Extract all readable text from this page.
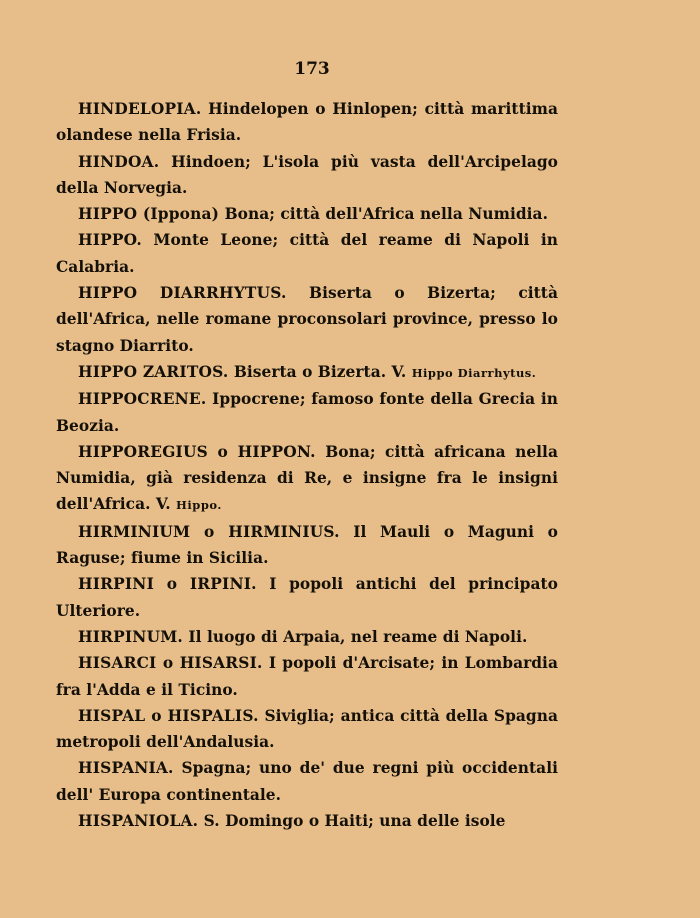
173

HINDELOPIA. Hindelopen o Hinlopen; città marittima olandese nella Frisia.

HINDOA. Hindoen; L'isola più vasta dell'Arcipelago della Norvegia.

HIPPO (Ippona) Bona; città dell'Africa nella Numidia.

HIPPO. Monte Leone; città del reame di Napoli in Calabria.

HIPPO DIARRHYTUS. Biserta o Bizerta; città dell'Africa, nelle romane proconsolari province, presso lo stagno Diarrito.

HIPPO ZARITOS. Biserta o Bizerta. V. Hippo Diarrhytus.

HIPPOCRENE. Ippocrene; famoso fonte della Grecia in Beozia.

HIPPOREGIUS o HIPPON. Bona; città africana nella Numidia, già residenza di Re, e insigne fra le insigni dell'Africa. V. Hippo.

HIRMINIUM o HIRMINIUS. Il Mauli o Maguni o Raguse; fiume in Sicilia.

HIRPINI o IRPINI. I popoli antichi del principato Ulteriore.

HIRPINUM. Il luogo di Arpaia, nel reame di Napoli.

HISARCI o HISARSI. I popoli d'Arcisate; in Lombardia fra l'Adda e il Ticino.

HISPAL o HISPALIS. Siviglia; antica città della Spagna metropoli dell'Andalusia.

HISPANIA. Spagna; uno de' due regni più occidentali dell' Europa continentale.

HISPANIOLA. S. Domingo o Haiti; una delle isole
